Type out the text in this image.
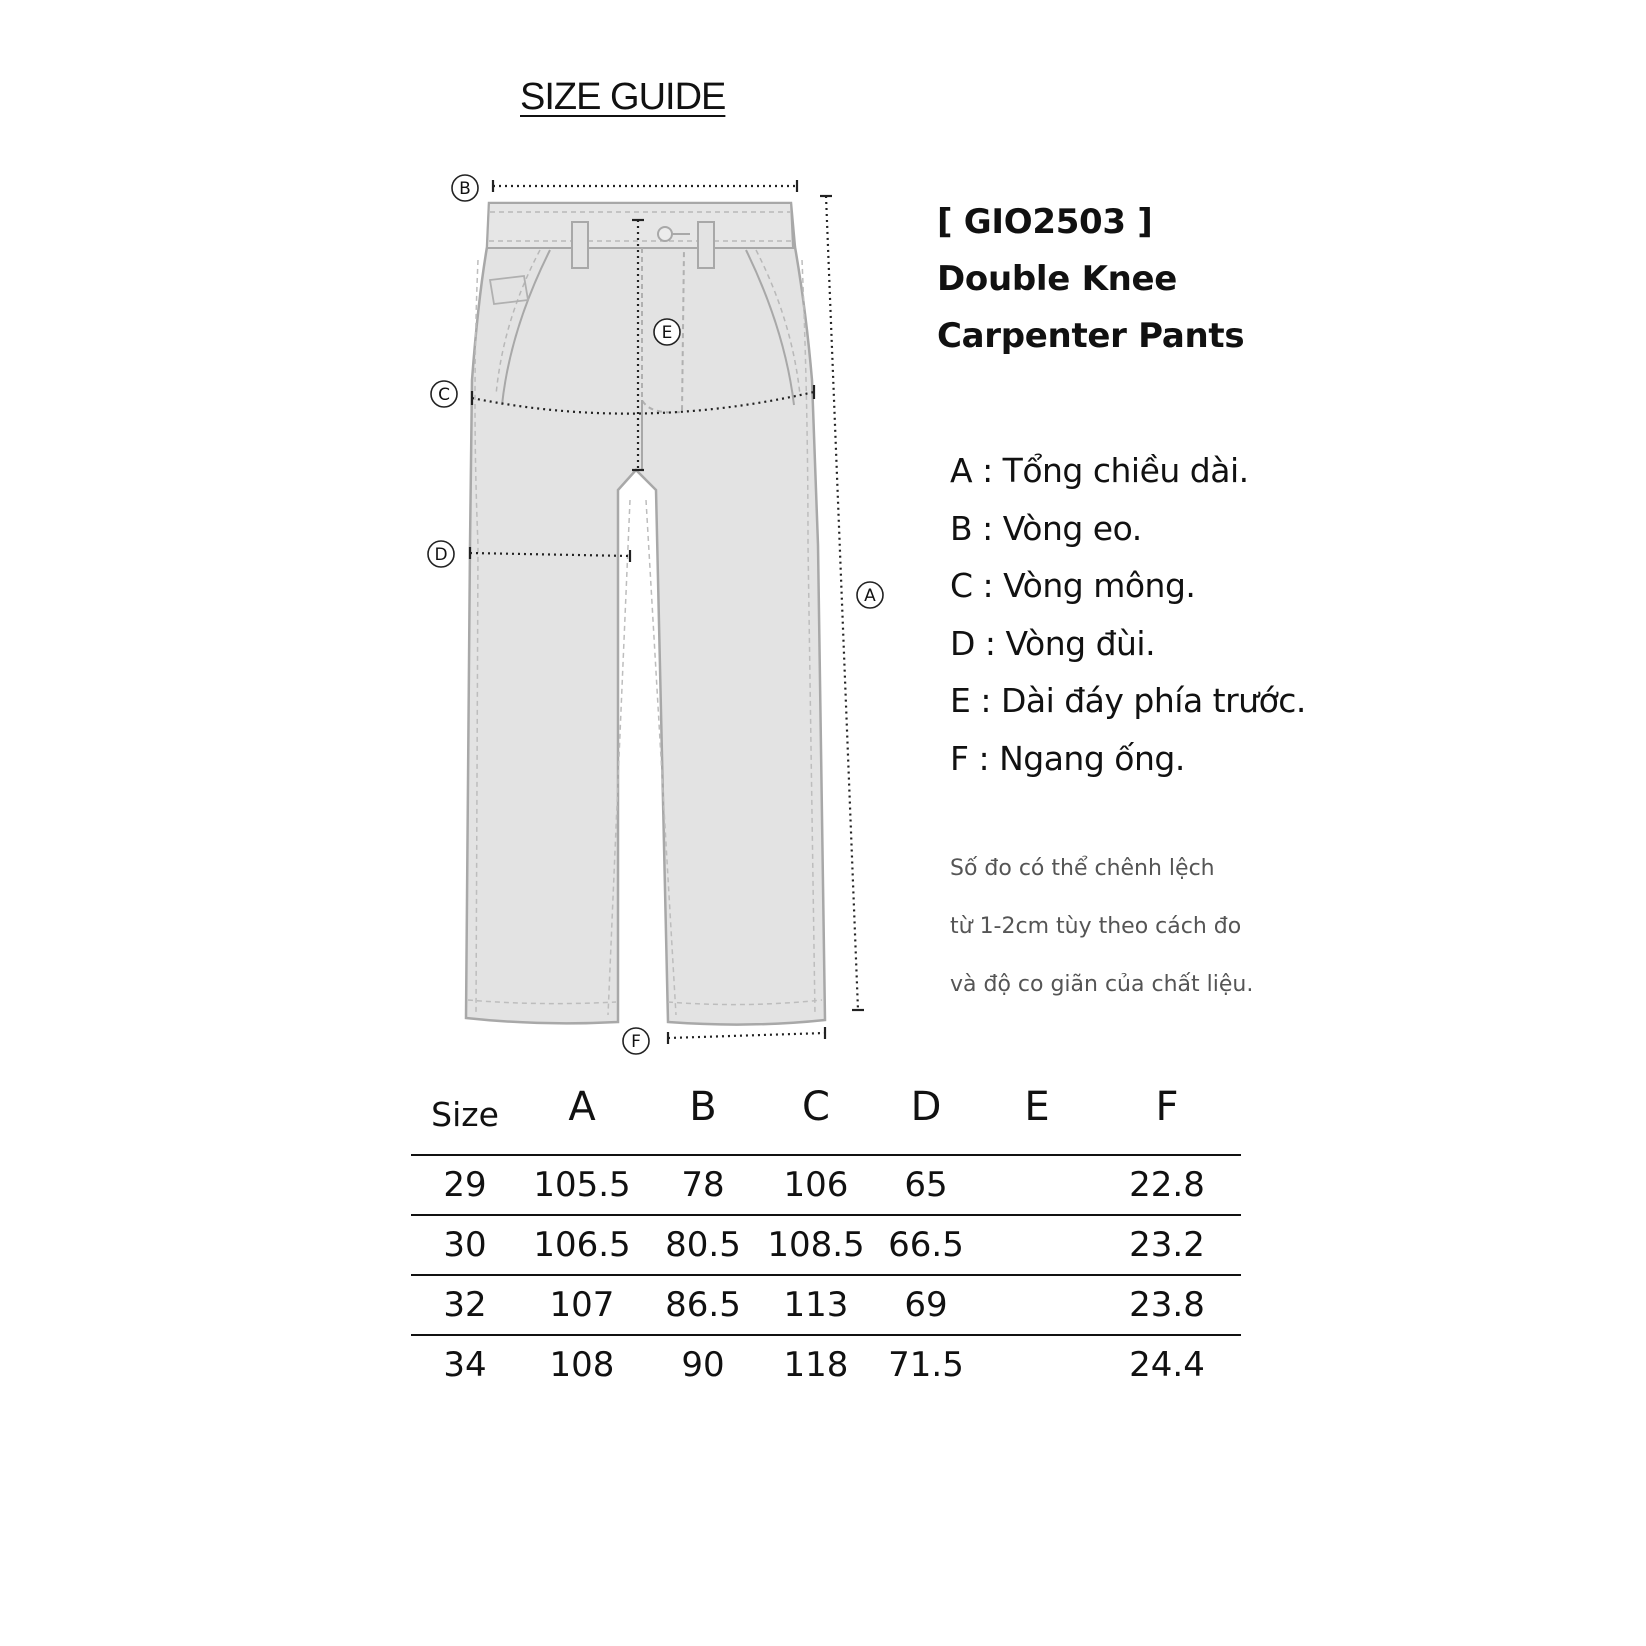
SIZE GUIDE
B
A
E
C
D
F
[ GIO2503 ]
Double Knee
Carpenter Pants
A : Tổng chiều dài.
B : Vòng eo.
C : Vòng mông.
D : Vòng đùi.
E : Dài đáy phía trước.
F : Ngang ống.
Số đo có thể chênh lệch
từ 1-2cm tùy theo cách đo
và độ co giãn của chất liệu.
Size	A	B	C	D	E	F
29	105.5	78	106	65		22.8
30	106.5	80.5	108.5	66.5		23.2
32	107	86.5	113	69		23.8
34	108	90	118	71.5		24.4
